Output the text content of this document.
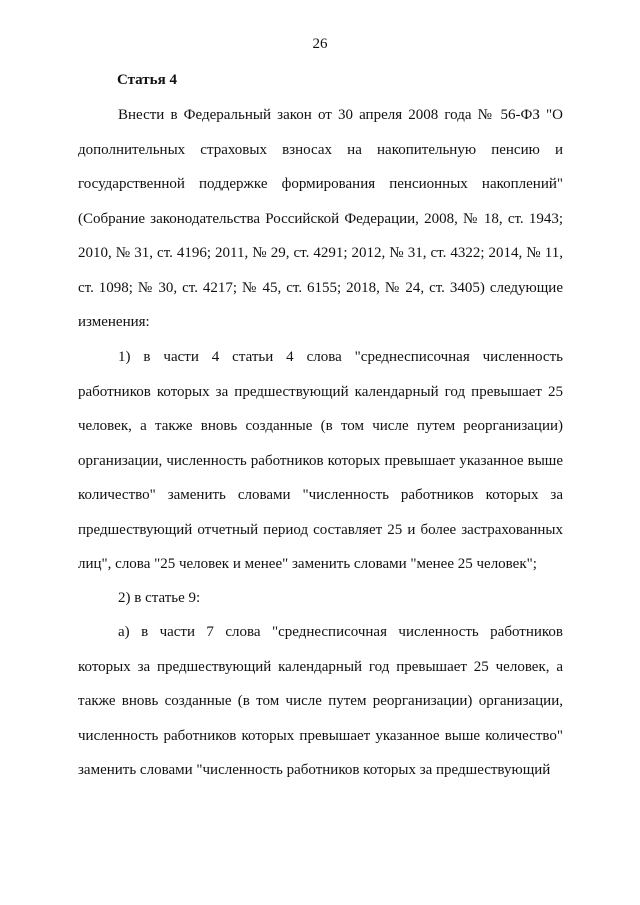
26
Статья 4

Внести в Федеральный закон от 30 апреля 2008 года № 56-ФЗ "О дополнительных страховых взносах на накопительную пенсию и государственной поддержке формирования пенсионных накоплений" (Собрание законодательства Российской Федерации, 2008, № 18, ст. 1943; 2010, № 31, ст. 4196; 2011, № 29, ст. 4291; 2012, № 31, ст. 4322; 2014, № 11, ст. 1098; № 30, ст. 4217; № 45, ст. 6155; 2018, № 24, ст. 3405) следующие изменения:

1) в части 4 статьи 4 слова "среднесписочная численность работников которых за предшествующий календарный год превышает 25 человек, а также вновь созданные (в том числе путем реорганизации) организации, численность работников которых превышает указанное выше количество" заменить словами "численность работников которых за предшествующий отчетный период составляет 25 и более застрахованных лиц", слова "25 человек и менее" заменить словами "менее 25 человек";

2) в статье 9:

а) в части 7 слова "среднесписочная численность работников которых за предшествующий календарный год превышает 25 человек, а также вновь созданные (в том числе путем реорганизации) организации, численность работников которых превышает указанное выше количество" заменить словами "численность работников которых за предшествующий
